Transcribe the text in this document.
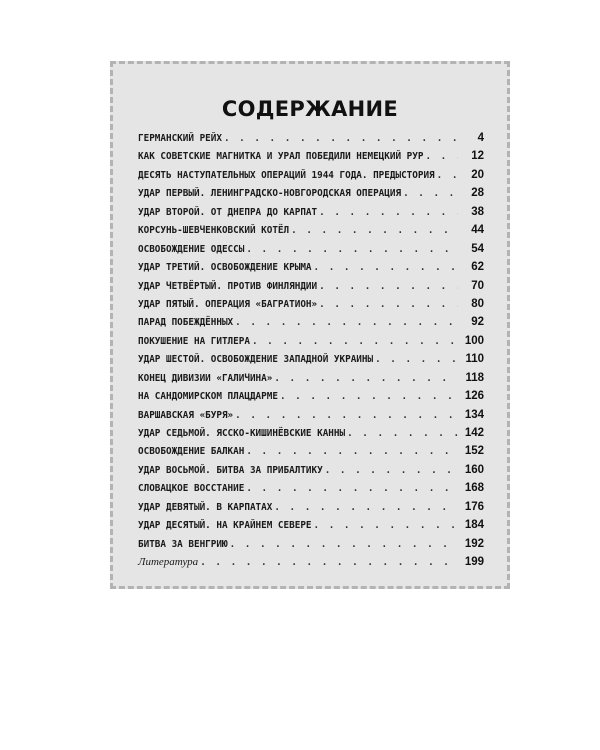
СОДЕРЖАНИЕ
ГЕРМАНСКИЙ РЕЙХ . . .	4
КАК СОВЕТСКИЕ МАГНИТКА И УРАЛ ПОБЕДИЛИ НЕМЕЦКИЙ РУР . . .	12
ДЕСЯТЬ НАСТУПАТЕЛЬНЫХ ОПЕРАЦИЙ 1944 ГОДА. ПРЕДЫСТОРИЯ . . .	20
УДАР ПЕРВЫЙ. ЛЕНИНГРАДСКО-НОВГОРОДСКАЯ ОПЕРАЦИЯ . . .	28
УДАР ВТОРОЙ. ОТ ДНЕПРА ДО КАРПАТ . . .	38
КОРСУНЬ-ШЕВЧЕНКОВСКИЙ КОТЁЛ . . .	44
ОСВОБОЖДЕНИЕ ОДЕССЫ . . .	54
УДАР ТРЕТИЙ. ОСВОБОЖДЕНИЕ КРЫМА . . .	62
УДАР ЧЕТВЁРТЫЙ. ПРОТИВ ФИНЛЯНДИИ . . .	70
УДАР ПЯТЫЙ. ОПЕРАЦИЯ «БАГРАТИОН» . . .	80
ПАРАД ПОБЕЖДЁННЫХ . . .	92
ПОКУШЕНИЕ НА ГИТЛЕРА . . .	100
УДАР ШЕСТОЙ. ОСВОБОЖДЕНИЕ ЗАПАДНОЙ УКРАИНЫ . . .	110
КОНЕЦ ДИВИЗИИ «ГАЛИЧИНА» . . .	118
НА САНДОМИРСКОМ ПЛАЦДАРМЕ . . .	126
ВАРШАВСКАЯ «БУРЯ» . . .	134
УДАР СЕДЬМОЙ. ЯССКО-КИШИНЁВСКИЕ КАННЫ . . .	142
ОСВОБОЖДЕНИЕ БАЛКАН . . .	152
УДАР ВОСЬМОЙ. БИТВА ЗА ПРИБАЛТИКУ . . .	160
СЛОВАЦКОЕ ВОССТАНИЕ . . .	168
УДАР ДЕВЯТЫЙ. В КАРПАТАХ . . .	176
УДАР ДЕСЯТЫЙ. НА КРАЙНЕМ СЕВЕРЕ . . .	184
БИТВА ЗА ВЕНГРИЮ . . .	192
Литература . . .	199
